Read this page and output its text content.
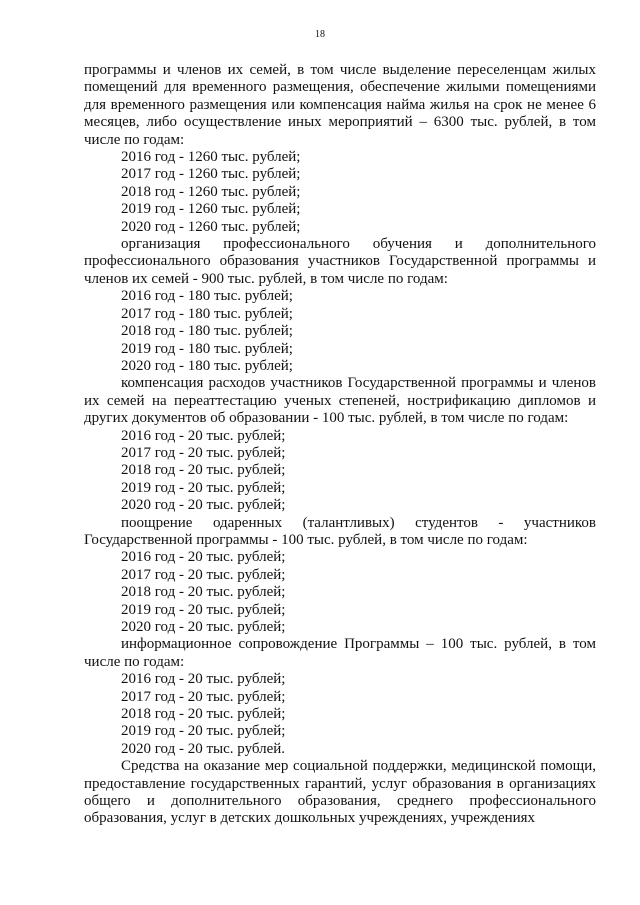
18

программы и членов их семей, в том числе выделение переселенцам жилых помещений для временного размещения, обеспечение жилыми помещениями для временного размещения или компенсация найма жилья на срок не менее 6 месяцев, либо осуществление иных мероприятий – 6300 тыс. рублей, в том числе по годам:

2016 год - 1260 тыс. рублей;

2017 год - 1260 тыс. рублей;

2018 год - 1260 тыс. рублей;

2019 год - 1260 тыс. рублей;

2020 год - 1260 тыс. рублей;

организация профессионального обучения и дополнительного профессионального образования участников Государственной программы и членов их семей - 900 тыс. рублей, в том числе по годам:

2016 год - 180 тыс. рублей;

2017 год - 180 тыс. рублей;

2018 год - 180 тыс. рублей;

2019 год - 180 тыс. рублей;

2020 год - 180 тыс. рублей;

компенсация расходов участников Государственной программы и членов их семей на переаттестацию ученых степеней, нострификацию дипломов и других документов об образовании - 100 тыс. рублей, в том числе по годам:

2016 год - 20 тыс. рублей;

2017 год - 20 тыс. рублей;

2018 год - 20 тыс. рублей;

2019 год - 20 тыс. рублей;

2020 год - 20 тыс. рублей;

поощрение одаренных (талантливых) студентов - участников Государственной программы - 100 тыс. рублей, в том числе по годам:

2016 год - 20 тыс. рублей;

2017 год - 20 тыс. рублей;

2018 год - 20 тыс. рублей;

2019 год - 20 тыс. рублей;

2020 год - 20 тыс. рублей;

информационное сопровождение Программы – 100 тыс. рублей, в том числе по годам:

2016 год - 20 тыс. рублей;

2017 год - 20 тыс. рублей;

2018 год - 20 тыс. рублей;

2019 год - 20 тыс. рублей;

2020 год - 20 тыс. рублей.

Средства на оказание мер социальной поддержки, медицинской помощи, предоставление государственных гарантий, услуг образования в организациях общего и дополнительного образования, среднего профессионального образования, услуг в детских дошкольных учреждениях, учреждениях
